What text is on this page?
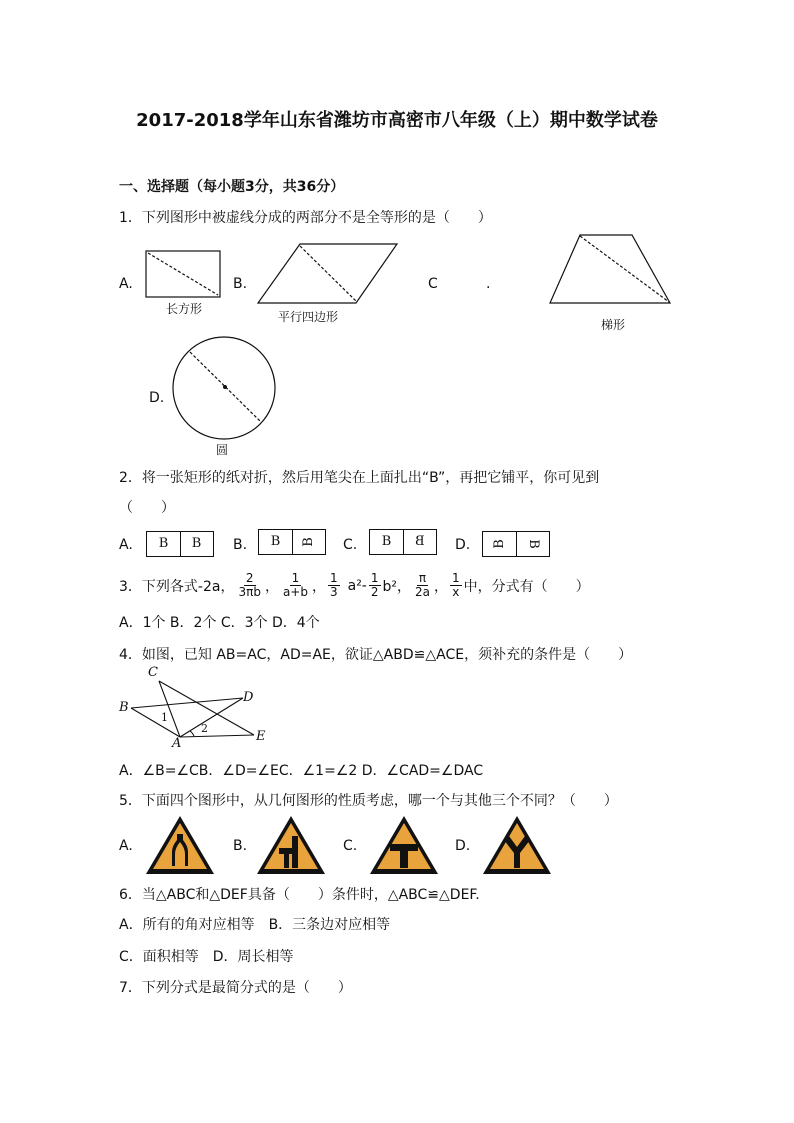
2017-2018学年山东省潍坊市高密市八年级（上）期中数学试卷
一、选择题（每小题3分，共36分）
1．下列图形中被虚线分成的两部分不是全等形的是（　　）
A.
长方形
B.
平行四边形
C	.
梯形
D.
圆
2．将一张矩形的纸对折，然后用笔尖在上面扎出“B”，再把它铺平，你可见到
（　　）
A.	B	B	B.	B	B	C.	B	B	D.	B	B
3．下列各式-2a， $\frac{2}{3\pi b}$ ， $\frac{1}{a+b}$ ， $\frac{1}{3} a^2- \frac{1}{2} b^2$， $\frac{\pi}{2a}$ ， $\frac{1}{x}$ 中，分式有（　　）
A．1个 B．2个 C．3个 D．4个
4．如图，已知 AB=AC，AD=AE，欲证△ABD≌△ACE，须补充的条件是（　　）
C
D
B
A	E
1
2
A．∠B=∠CB．∠D=∠EC．∠1=∠2 D．∠CAD=∠DAC
5．下面四个图形中，从几何图形的性质考虑，哪一个与其他三个不同？（　　）
A.	B.	C.	D.
6．当△ABC和△DEF具备（　　）条件时，△ABC≌△DEF.
A．所有的角对应相等　B．三条边对应相等
C．面积相等　D．周长相等
7．下列分式是最简分式的是（　　）
